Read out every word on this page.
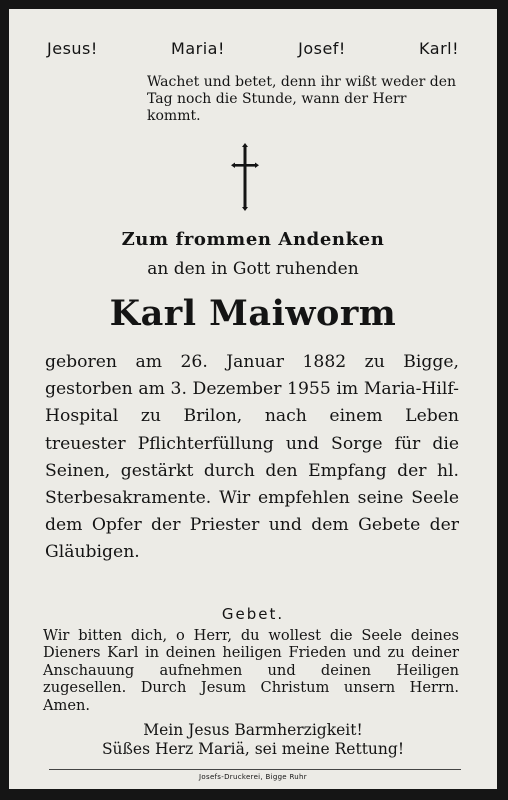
Jesus!	Maria!	Josef!	Karl!
Wachet und betet, denn ihr wißt weder den Tag noch die Stunde, wann der Herr kommt.
Zum frommen Andenken
an den in Gott ruhenden
Karl Maiworm

geboren am 26. Januar 1882 zu Bigge, gestorben am 3. Dezember 1955 im Maria-Hilf-Hospital zu Brilon, nach einem Leben treuester Pflichterfüllung und Sorge für die Seinen, gestärkt durch den Empfang der hl. Sterbesakramente. Wir empfehlen seine Seele dem Opfer der Priester und dem Gebete der Gläubigen.

Gebet.

Wir bitten dich, o Herr, du wollest die Seele deines Dieners Karl in deinen heiligen Frieden und zu deiner Anschauung aufnehmen und deinen Heiligen zugesellen. Durch Jesum Christum unsern Herrn. Amen.

Mein Jesus Barmherzigkeit!
Süßes Herz Mariä, sei meine Rettung!
Josefs-Druckerei, Bigge Ruhr
